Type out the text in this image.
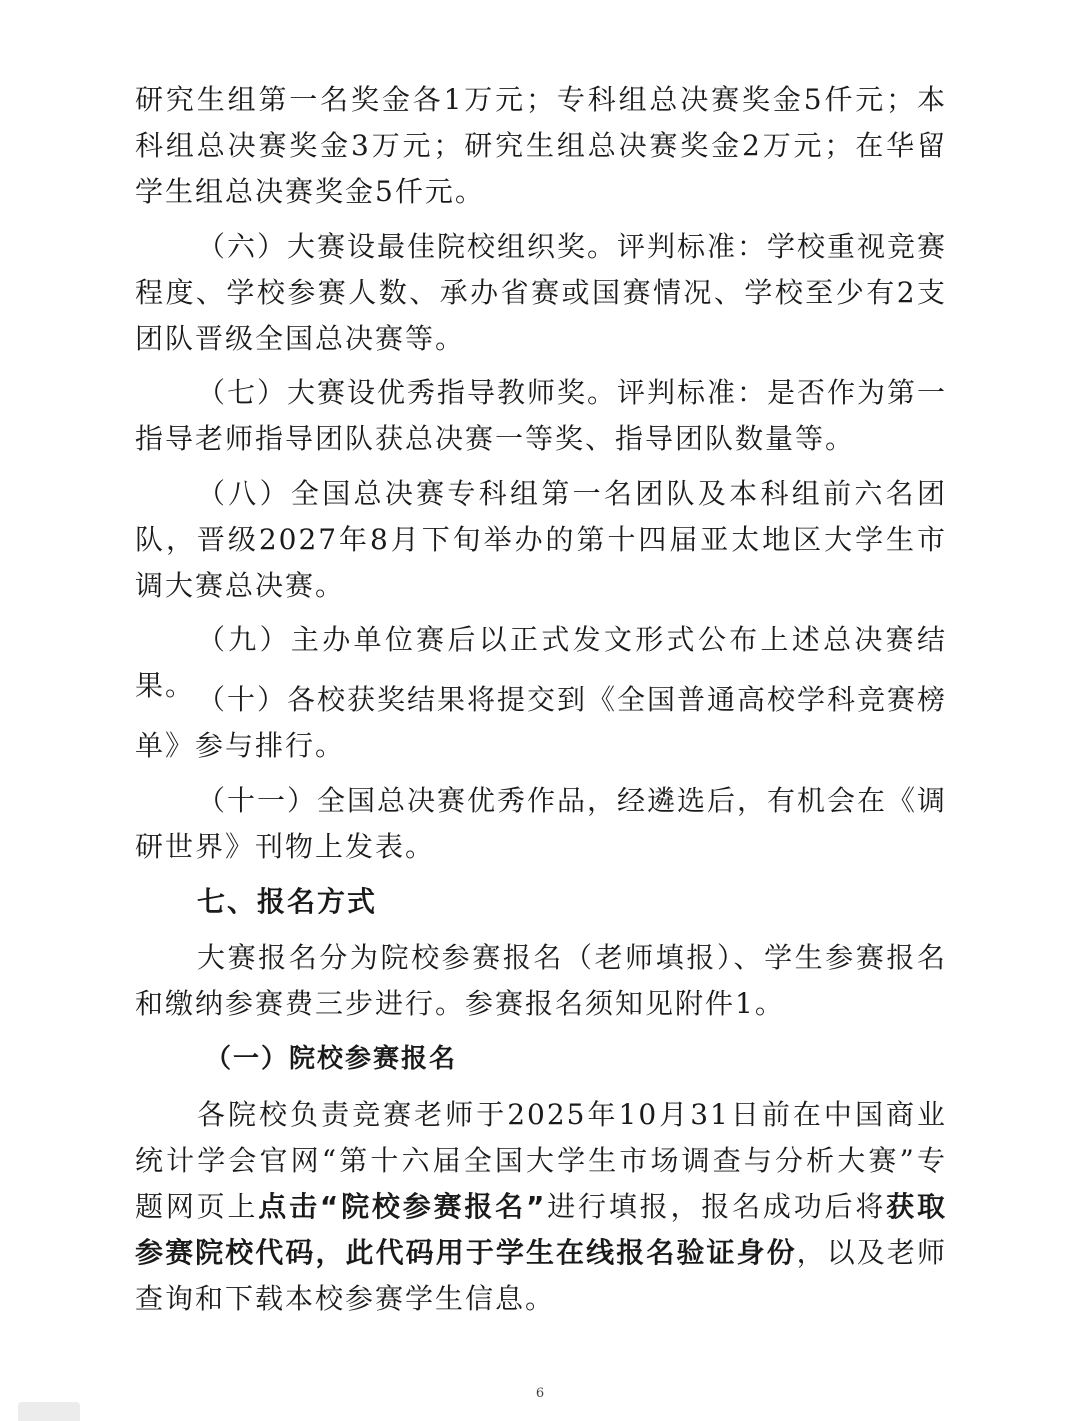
研究生组第一名奖金各1万元；专科组总决赛奖金5仟元；本科组总决赛奖金3万元；研究生组总决赛奖金2万元；在华留学生组总决赛奖金5仟元。

（六）大赛设最佳院校组织奖。评判标准：学校重视竞赛程度、学校参赛人数、承办省赛或国赛情况、学校至少有2支团队晋级全国总决赛等。

（七）大赛设优秀指导教师奖。评判标准：是否作为第一指导老师指导团队获总决赛一等奖、指导团队数量等。

（八）全国总决赛专科组第一名团队及本科组前六名团队，晋级2027年8月下旬举办的第十四届亚太地区大学生市调大赛总决赛。

（九）主办单位赛后以正式发文形式公布上述总决赛结果。 （十）各校获奖结果将提交到《全国普通高校学科竞赛榜单》参与排行。

（十一）全国总决赛优秀作品，经遴选后，有机会在《调研世界》刊物上发表。

七、报名方式

大赛报名分为院校参赛报名（老师填报）、学生参赛报名和缴纳参赛费三步进行。参赛报名须知见附件1。

（一）院校参赛报名

各院校负责竞赛老师于2025年10月31日前在中国商业统计学会官网“第十六届全国大学生市场调查与分析大赛”专题网页上点击“院校参赛报名”进行填报，报名成功后将获取参赛院校代码，此代码用于学生在线报名验证身份，以及老师查询和下载本校参赛学生信息。

6
